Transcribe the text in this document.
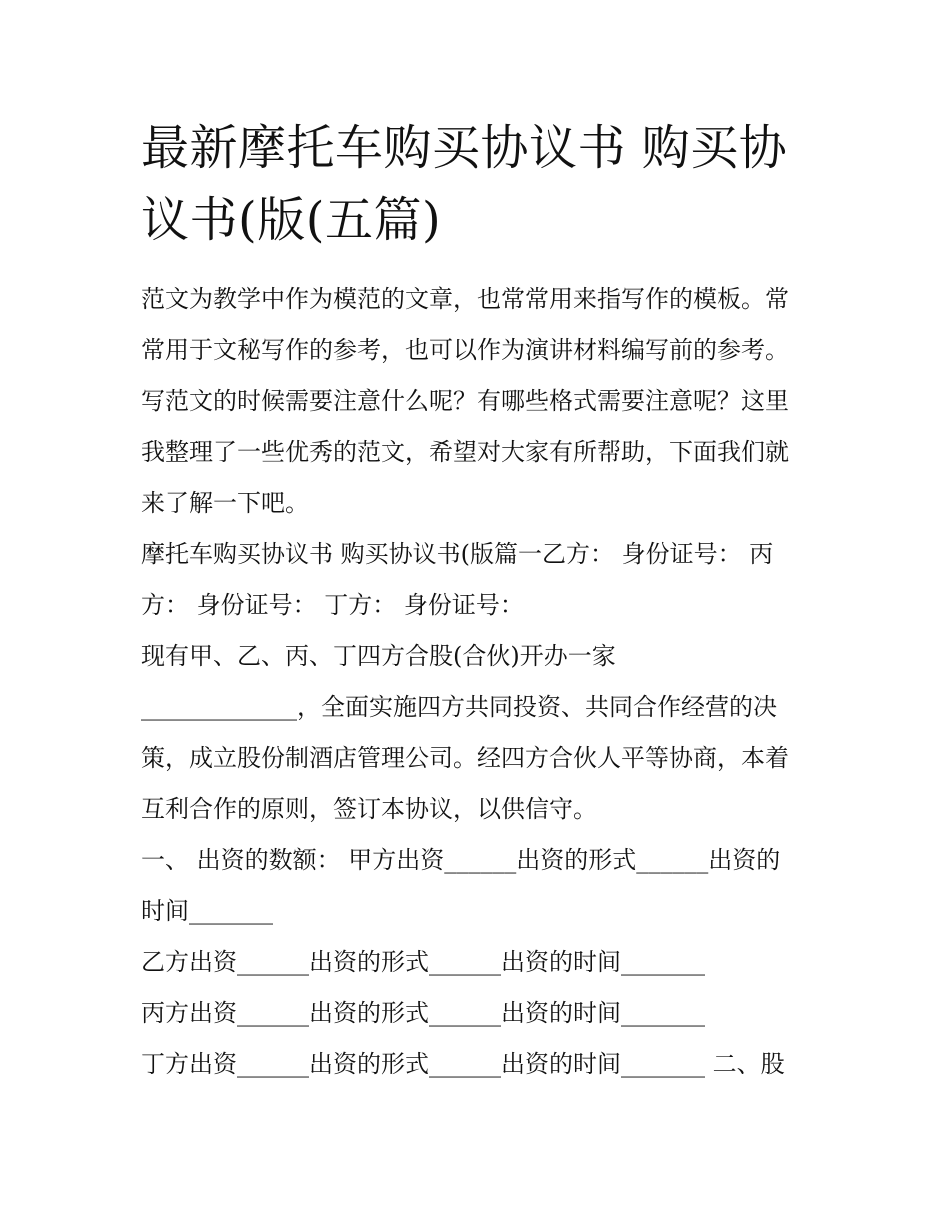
最新摩托车购买协议书 购买协
议书(版(五篇)
范文为教学中作为模范的文章，也常常用来指写作的模板。常
常用于文秘写作的参考，也可以作为演讲材料编写前的参考。
写范文的时候需要注意什么呢？有哪些格式需要注意呢？这里
我整理了一些优秀的范文，希望对大家有所帮助，下面我们就
来了解一下吧。
摩托车购买协议书 购买协议书(版篇一乙方： 身份证号： 丙
方： 身份证号： 丁方： 身份证号：
现有甲、乙、丙、丁四方合股(合伙)开办一家
_____________，全面实施四方共同投资、共同合作经营的决
策，成立股份制酒店管理公司。经四方合伙人平等协商，本着
互利合作的原则，签订本协议，以供信守。
一、 出资的数额： 甲方出资______出资的形式______出资的
时间_______
乙方出资______出资的形式______出资的时间_______
丙方出资______出资的形式______出资的时间_______
丁方出资______出资的形式______出资的时间_______ 二、股
